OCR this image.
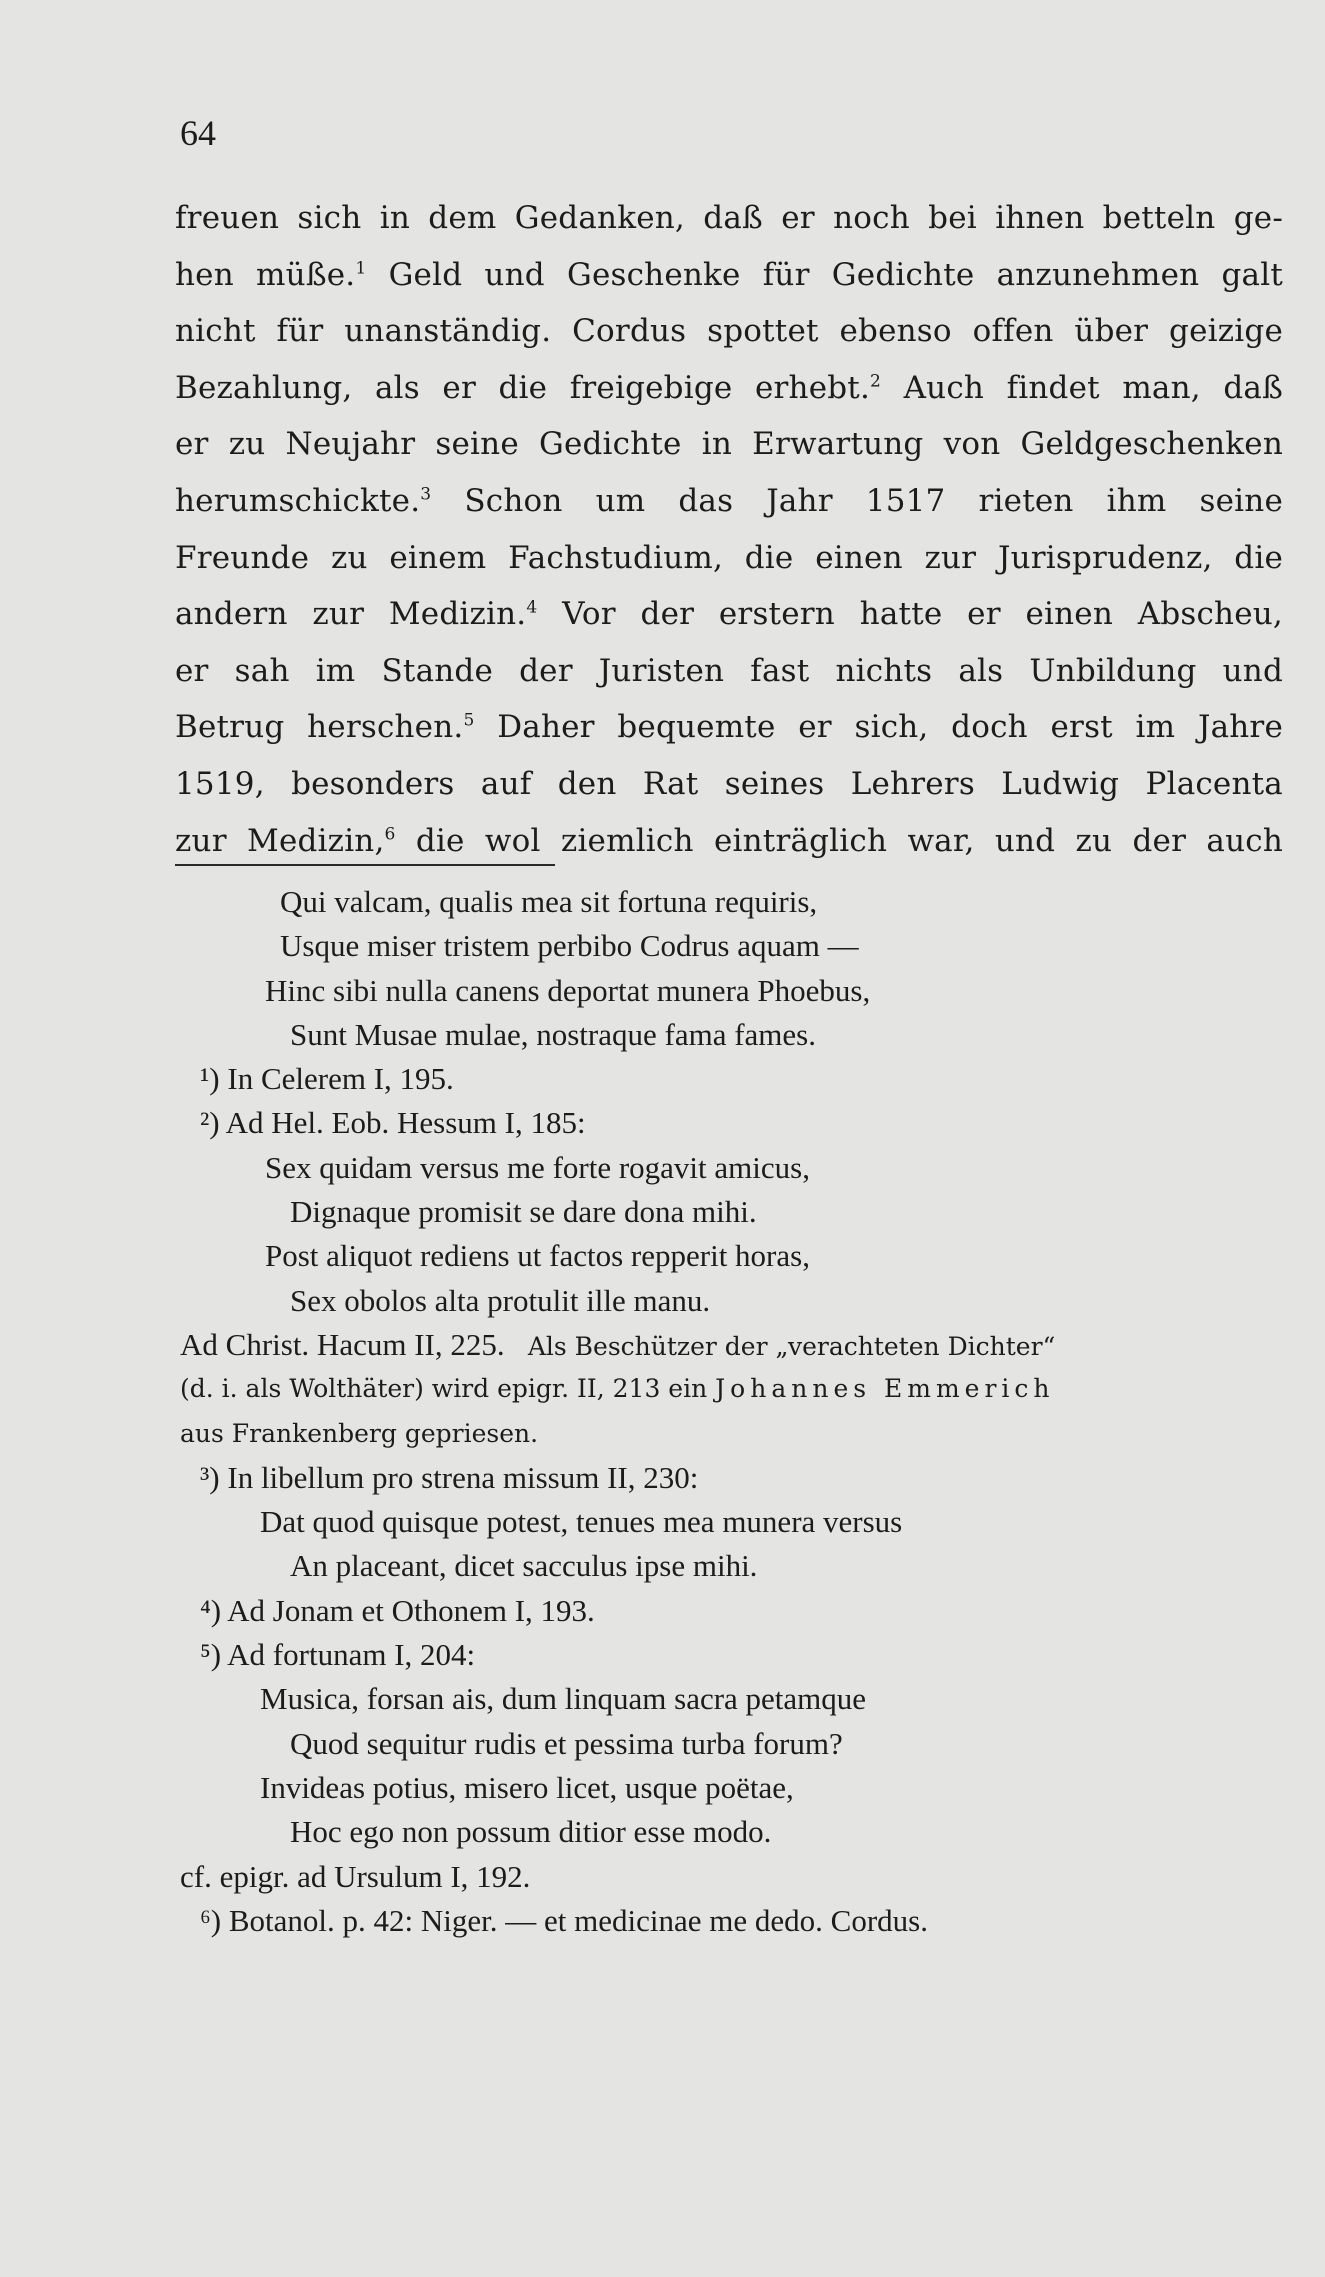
64
freuen sich in dem Gedanken, daß er noch bei ihnen betteln ge-
hen müße.$^1$ Geld und Geschenke für Gedichte anzunehmen galt
nicht für unanständig. Cordus spottet ebenso offen über geizige
Bezahlung, als er die freigebige erhebt.$^2$ Auch findet man, daß
er zu Neujahr seine Gedichte in Erwartung von Geldgeschenken
herumschickte.$^3$ Schon um das Jahr 1517 rieten ihm seine
Freunde zu einem Fachstudium, die einen zur Jurisprudenz, die
andern zur Medizin.$^4$ Vor der erstern hatte er einen Abscheu,
er sah im Stande der Juristen fast nichts als Unbildung und
Betrug herschen.$^5$ Daher bequemte er sich, doch erst im Jahre
1519, besonders auf den Rat seines Lehrers Ludwig Placenta
zur Medizin,$^6$ die wol ziemlich einträglich war, und zu der auch
Qui valcam, qualis mea sit fortuna requiris,
Usque miser tristem perbibo Codrus aquam —
Hinc sibi nulla canens deportat munera Phoebus,
Sunt Musae mulae, nostraque fama fames.
¹) In Celerem I, 195.
²) Ad Hel. Eob. Hessum I, 185:
Sex quidam versus me forte rogavit amicus,
Dignaque promisit se dare dona mihi.
Post aliquot rediens ut factos repperit horas,
Sex obolos alta protulit ille manu.
Ad Christ. Hacum II, 225. Als Beschützer der „verachteten Dichter“
(d. i. als Wolthäter) wird epigr. II, 213 ein Johannes Emmerich
aus Frankenberg gepriesen.
³) In libellum pro strena missum II, 230:
Dat quod quisque potest, tenues mea munera versus
An placeant, dicet sacculus ipse mihi.
⁴) Ad Jonam et Othonem I, 193.
⁵) Ad fortunam I, 204:
Musica, forsan ais, dum linquam sacra petamque
Quod sequitur rudis et pessima turba forum?
Invideas potius, misero licet, usque poëtae,
Hoc ego non possum ditior esse modo.
cf. epigr. ad Ursulum I, 192.
⁶) Botanol. p. 42: Niger. — et medicinae me dedo. Cordus.
